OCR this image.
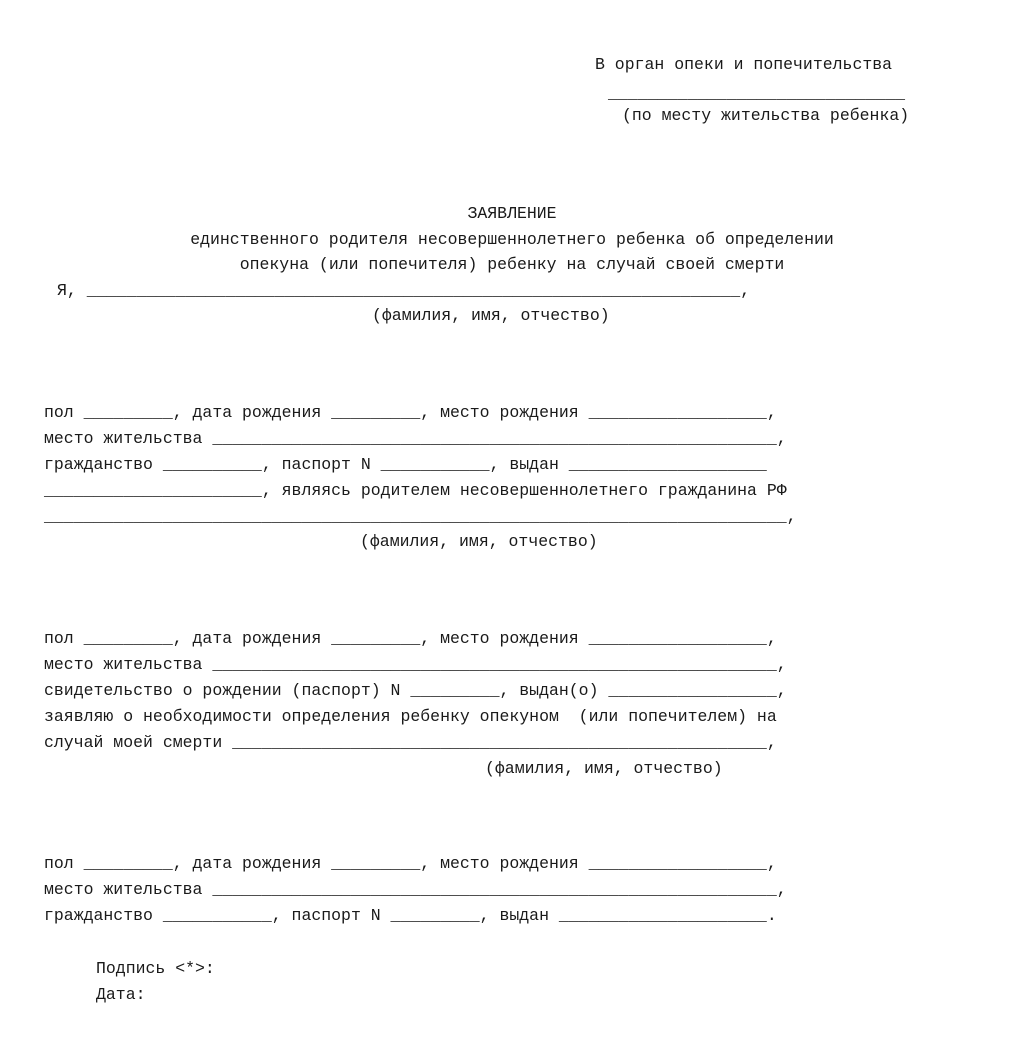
В орган опеки и попечительства
______________________________
(по месту жительства ребенка)
ЗАЯВЛЕНИЕ
единственного родителя несовершеннолетнего ребенка об определении
опекуна (или попечителя) ребенку на случай своей смерти
Я, __________________________________________________________________,
(фамилия, имя, отчество)
пол _________, дата рождения _________, место рождения __________________,
место жительства _________________________________________________________,
гражданство __________, паспорт N ___________, выдан ____________________
______________________, являясь родителем несовершеннолетнего гражданина РФ
___________________________________________________________________________,
(фамилия, имя, отчество)
пол _________, дата рождения _________, место рождения __________________,
место жительства _________________________________________________________,
свидетельство о рождении (паспорт) N _________, выдан(о) _________________,
заявляю о необходимости определения ребенку опекуном  (или попечителем) на
случай моей смерти ______________________________________________________,
(фамилия, имя, отчество)
пол _________, дата рождения _________, место рождения __________________,
место жительства _________________________________________________________,
гражданство ___________, паспорт N _________, выдан _____________________.
Подпись <*>:
Дата:
